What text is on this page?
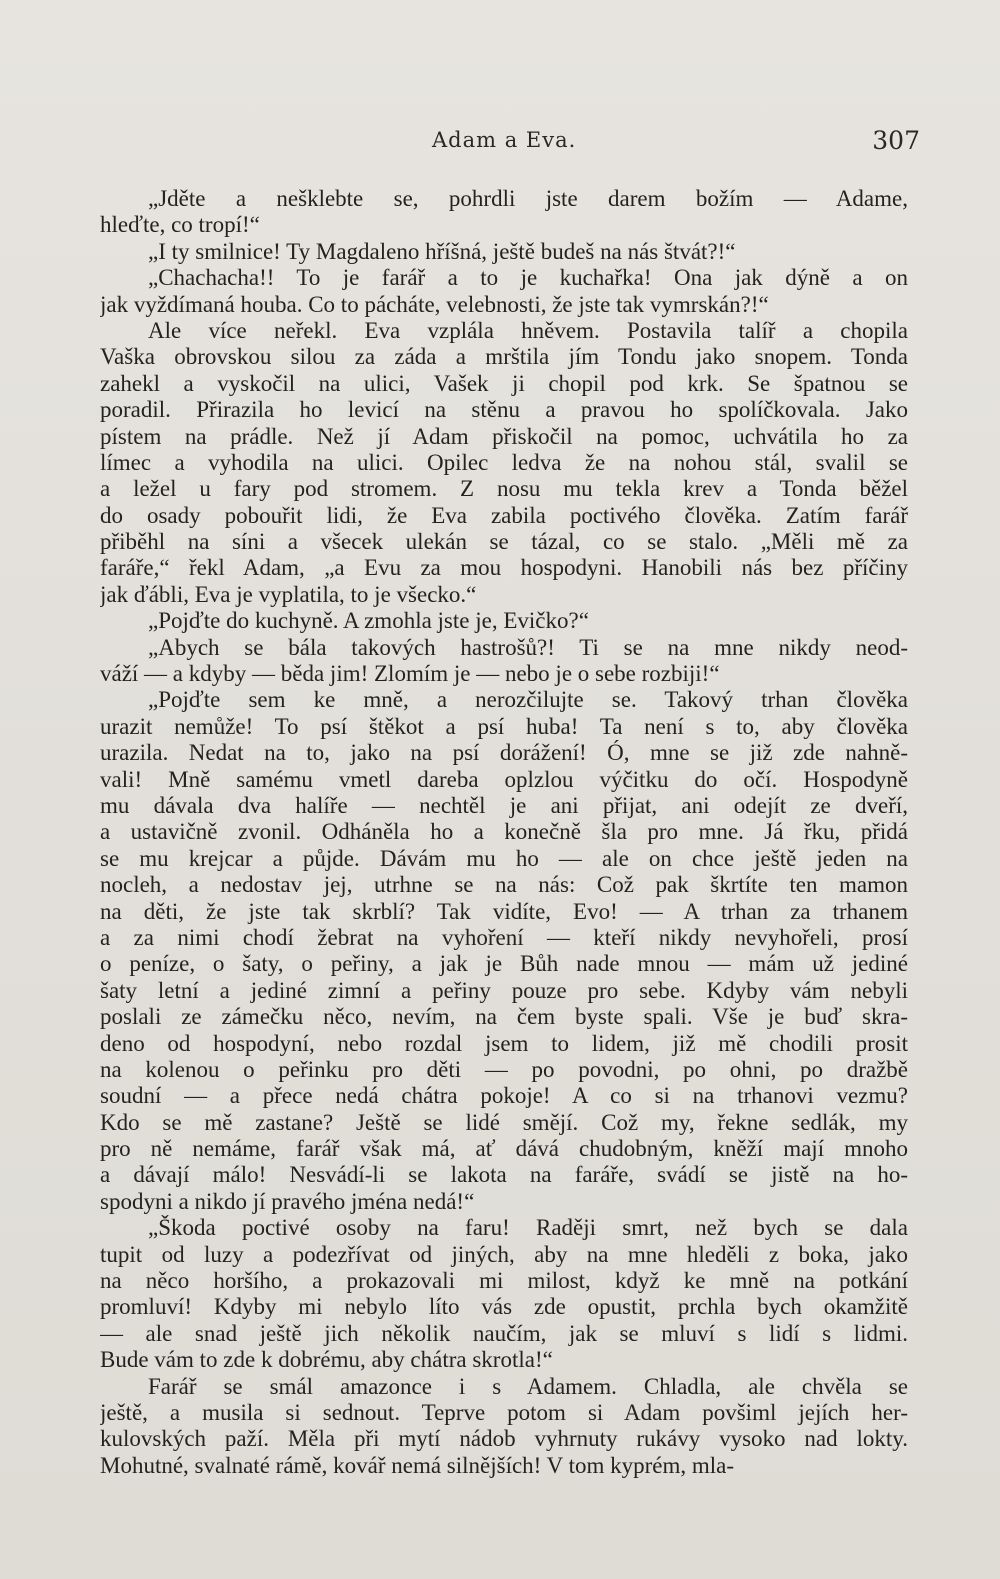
Adam a Eva.	307
„Jděte a nešklebte se, pohrdli jste darem božím — Adame,
hleďte, co tropí!“
„I ty smilnice! Ty Magdaleno hříšná, ještě budeš na nás štvát?!“
„Chachacha!! To je farář a to je kuchařka! Ona jak dýně a on
jak vyždímaná houba. Co to pácháte, velebnosti, že jste tak vymrskán?!“
Ale více neřekl. Eva vzplála hněvem. Postavila talíř a chopila
Vaška obrovskou silou za záda a mrštila jím Tondu jako snopem. Tonda
zahekl a vyskočil na ulici, Vašek ji chopil pod krk. Se špatnou se
poradil. Přirazila ho levicí na stěnu a pravou ho spolíčkovala. Jako
pístem na prádle. Než jí Adam přiskočil na pomoc, uchvátila ho za
límec a vyhodila na ulici. Opilec ledva že na nohou stál, svalil se
a ležel u fary pod stromem. Z nosu mu tekla krev a Tonda běžel
do osady pobouřit lidi, že Eva zabila poctivého člověka. Zatím farář
přiběhl na síni a všecek ulekán se tázal, co se stalo. „Měli mě za
faráře,“ řekl Adam, „a Evu za mou hospodyni. Hanobili nás bez příčiny
jak ďábli, Eva je vyplatila, to je všecko.“
„Pojďte do kuchyně. A zmohla jste je, Evičko?“
„Abych se bála takových hastrošů?! Ti se na mne nikdy neod-
váží — a kdyby — běda jim! Zlomím je — nebo je o sebe rozbiji!“
„Pojďte sem ke mně, a nerozčilujte se. Takový trhan člověka
urazit nemůže! To psí štěkot a psí huba! Ta není s to, aby člověka
urazila. Nedat na to, jako na psí dorážení! Ó, mne se již zde nahně-
vali! Mně samému vmetl dareba oplzlou výčitku do očí. Hospodyně
mu dávala dva halíře — nechtěl je ani přijat, ani odejít ze dveří,
a ustavičně zvonil. Odháněla ho a konečně šla pro mne. Já řku, přidá
se mu krejcar a půjde. Dávám mu ho — ale on chce ještě jeden na
nocleh, a nedostav jej, utrhne se na nás: Což pak škrtíte ten mamon
na děti, že jste tak skrblí? Tak vidíte, Evo! — A trhan za trhanem
a za nimi chodí žebrat na vyhoření — kteří nikdy nevyhořeli, prosí
o peníze, o šaty, o peřiny, a jak je Bůh nade mnou — mám už jediné
šaty letní a jediné zimní a peřiny pouze pro sebe. Kdyby vám nebyli
poslali ze zámečku něco, nevím, na čem byste spali. Vše je buď skra-
deno od hospodyní, nebo rozdal jsem to lidem, již mě chodili prosit
na kolenou o peřinku pro děti — po povodni, po ohni, po dražbě
soudní — a přece nedá chátra pokoje! A co si na trhanovi vezmu?
Kdo se mě zastane? Ještě se lidé smějí. Což my, řekne sedlák, my
pro ně nemáme, farář však má, ať dává chudobným, kněží mají mnoho
a dávají málo! Nesvádí-li se lakota na faráře, svádí se jistě na ho-
spodyni a nikdo jí pravého jména nedá!“
„Škoda poctivé osoby na faru! Raději smrt, než bych se dala
tupit od luzy a podezřívat od jiných, aby na mne hleděli z boka, jako
na něco horšího, a prokazovali mi milost, když ke mně na potkání
promluví! Kdyby mi nebylo líto vás zde opustit, prchla bych okamžitě
— ale snad ještě jich několik naučím, jak se mluví s lidí s lidmi.
Bude vám to zde k dobrému, aby chátra skrotla!“
Farář se smál amazonce i s Adamem. Chladla, ale chvěla se
ještě, a musila si sednout. Teprve potom si Adam povšiml jejích her-
kulovských paží. Měla při mytí nádob vyhrnuty rukávy vysoko nad lokty.
Mohutné, svalnaté rámě, kovář nemá silnějších! V tom kyprém, mla-
